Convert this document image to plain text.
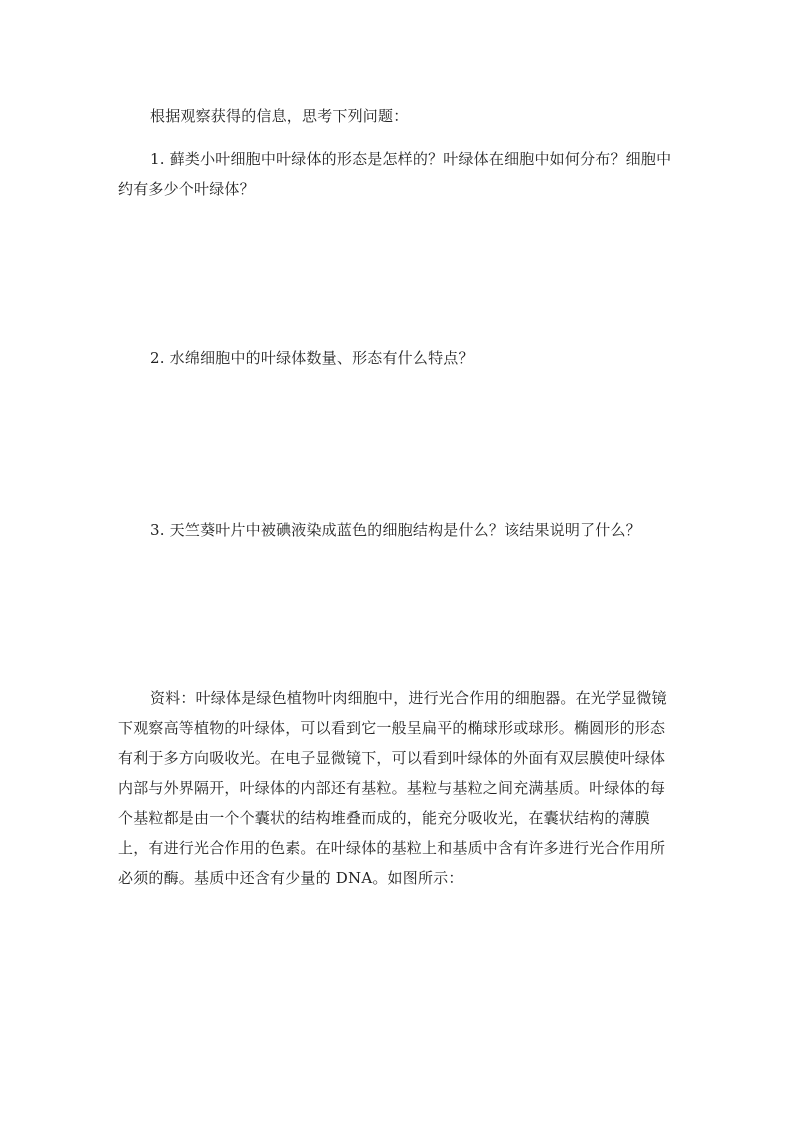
根据观察获得的信息，思考下列问题：

1. 藓类小叶细胞中叶绿体的形态是怎样的？叶绿体在细胞中如何分布？细胞中约有多少个叶绿体？

2. 水绵细胞中的叶绿体数量、形态有什么特点？

3. 天竺葵叶片中被碘液染成蓝色的细胞结构是什么？该结果说明了什么？

资料：叶绿体是绿色植物叶肉细胞中，进行光合作用的细胞器。在光学显微镜下观察高等植物的叶绿体，可以看到它一般呈扁平的椭球形或球形。椭圆形的形态有利于多方向吸收光。在电子显微镜下，可以看到叶绿体的外面有双层膜使叶绿体内部与外界隔开，叶绿体的内部还有基粒。基粒与基粒之间充满基质。叶绿体的每个基粒都是由一个个囊状的结构堆叠而成的，能充分吸收光，在囊状结构的薄膜上，有进行光合作用的色素。在叶绿体的基粒上和基质中含有许多进行光合作用所必须的酶。基质中还含有少量的 DNA。如图所示：
